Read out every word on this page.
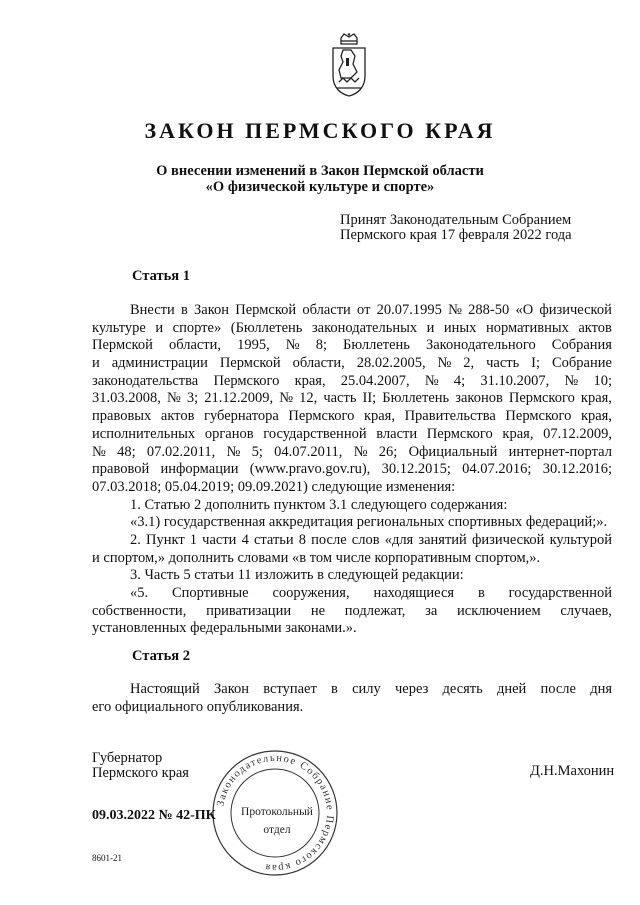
ЗАКОН ПЕРМСКОГО КРАЯ
О внесении изменений в Закон Пермской области
«О физической культуре и спорте»
Принят Законодательным Собранием
Пермского края 17 февраля 2022 года
Статья 1
Внести в Закон Пермской области от 20.07.1995 № 288-50 «О физической
культуре и спорте» (Бюллетень законодательных и иных нормативных актов
Пермской области, 1995, № 8; Бюллетень Законодательного Собрания
и администрации Пермской области, 28.02.2005, № 2, часть I; Собрание
законодательства Пермского края, 25.04.2007, № 4; 31.10.2007, № 10;
31.03.2008, № 3; 21.12.2009, № 12, часть II; Бюллетень законов Пермского края,
правовых актов губернатора Пермского края, Правительства Пермского края,
исполнительных органов государственной власти Пермского края, 07.12.2009,
№ 48; 07.02.2011, № 5; 04.07.2011, № 26; Официальный интернет-портал
правовой информации (www.pravo.gov.ru), 30.12.2015; 04.07.2016; 30.12.2016;
07.03.2018; 05.04.2019; 09.09.2021) следующие изменения:
1. Статью 2 дополнить пунктом 3.1 следующего содержания:
«3.1) государственная аккредитация региональных спортивных федераций;».
2. Пункт 1 части 4 статьи 8 после слов «для занятий физической культурой
и спортом,» дополнить словами «в том числе корпоративным спортом,».
3. Часть 5 статьи 11 изложить в следующей редакции:
«5. Спортивные сооружения, находящиеся в государственной
собственности, приватизации не подлежат, за исключением случаев,
установленных федеральными законами.».
Статья 2
Настоящий Закон вступает в силу через десять дней после дня
его официального опубликования.
Губернатор
Пермского края	Д.Н.Махонин
Законодательное Собрание Пермского края
Протокольный
отдел
09.03.2022 № 42-ПК
8601-21
